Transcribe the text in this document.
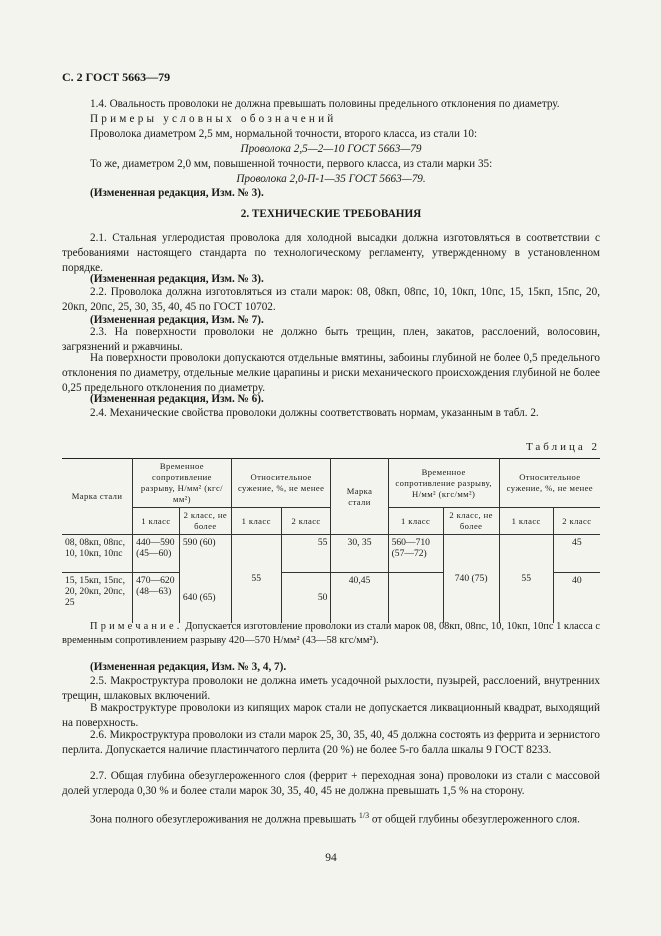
С. 2 ГОСТ 5663—79
1.4. Овальность проволоки не должна превышать половины предельного отклонения по диаметру.
Примеры условных обозначений
Проволока диаметром 2,5 мм, нормальной точности, второго класса, из стали 10:
Проволока 2,5—2—10 ГОСТ 5663—79
То же, диаметром 2,0 мм, повышенной точности, первого класса, из стали марки 35:
Проволока 2,0-П-1—35 ГОСТ 5663—79.
(Измененная редакция, Изм. № 3).
2. ТЕХНИЧЕСКИЕ ТРЕБОВАНИЯ
2.1. Стальная углеродистая проволока для холодной высадки должна изготовляться в соответствии с требованиями настоящего стандарта по технологическому регламенту, утвержденному в установленном порядке.
(Измененная редакция, Изм. № 3).
2.2. Проволока должна изготовляться из стали марок: 08, 08кп, 08пс, 10, 10кп, 10пс, 15, 15кп, 15пс, 20, 20кп, 20пс, 25, 30, 35, 40, 45 по ГОСТ 10702.
(Измененная редакция, Изм. № 7).
2.3. На поверхности проволоки не должно быть трещин, плен, закатов, расслоений, волосовин, загрязнений и ржавчины.
На поверхности проволоки допускаются отдельные вмятины, забоины глубиной не более 0,5 предельного отклонения по диаметру, отдельные мелкие царапины и риски механического происхождения глубиной не более 0,25 предельного отклонения по диаметру.
(Измененная редакция, Изм. № 6).
2.4. Механические свойства проволоки должны соответствовать нормам, указанным в табл. 2.
Таблица 2
Марка стали	Временное сопротивление разрыву, Н/мм² (кгс/мм²)		Относительное сужение, %, не менее		Марка стали	Временное сопротивление разрыву, Н/мм² (кгс/мм²)		Относительное сужение, %, не менее	
	1 класс	2 класс, не более	1 класс	2 класс		1 класс	2 класс, не более	1 класс	2 класс
08, 08кп, 08пс, 10, 10кп, 10пс	440—590 (45—60)	590 (60)	55	55	30, 35	560—710 (57—72)	740 (75)	55	45
15, 15кп, 15пс, 20, 20кп, 20пс, 25	470—620 (48—63)	640 (65)		50	40,45				40
Примечание. Допускается изготовление проволоки из стали марок 08, 08кп, 08пс, 10, 10кп, 10пс 1 класса с временным сопротивлением разрыву 420—570 Н/мм² (43—58 кгс/мм²).
(Измененная редакция, Изм. № 3, 4, 7).
2.5. Макроструктура проволоки не должна иметь усадочной рыхлости, пузырей, расслоений, внутренних трещин, шлаковых включений.
В макроструктуре проволоки из кипящих марок стали не допускается ликвационный квадрат, выходящий на поверхность.
2.6. Микроструктура проволоки из стали марок 25, 30, 35, 40, 45 должна состоять из феррита и зернистого перлита. Допускается наличие пластинчатого перлита (20 %) не более 5-го балла шкалы 9 ГОСТ 8233.
2.7. Общая глубина обезуглероженного слоя (феррит + переходная зона) проволоки из стали с массовой долей углерода 0,30 % и более стали марок 30, 35, 40, 45 не должна превышать 1,5 % на сторону.
Зона полного обезуглероживания не должна превышать $^{1/3}$ от общей глубины обезуглероженного слоя.
94
